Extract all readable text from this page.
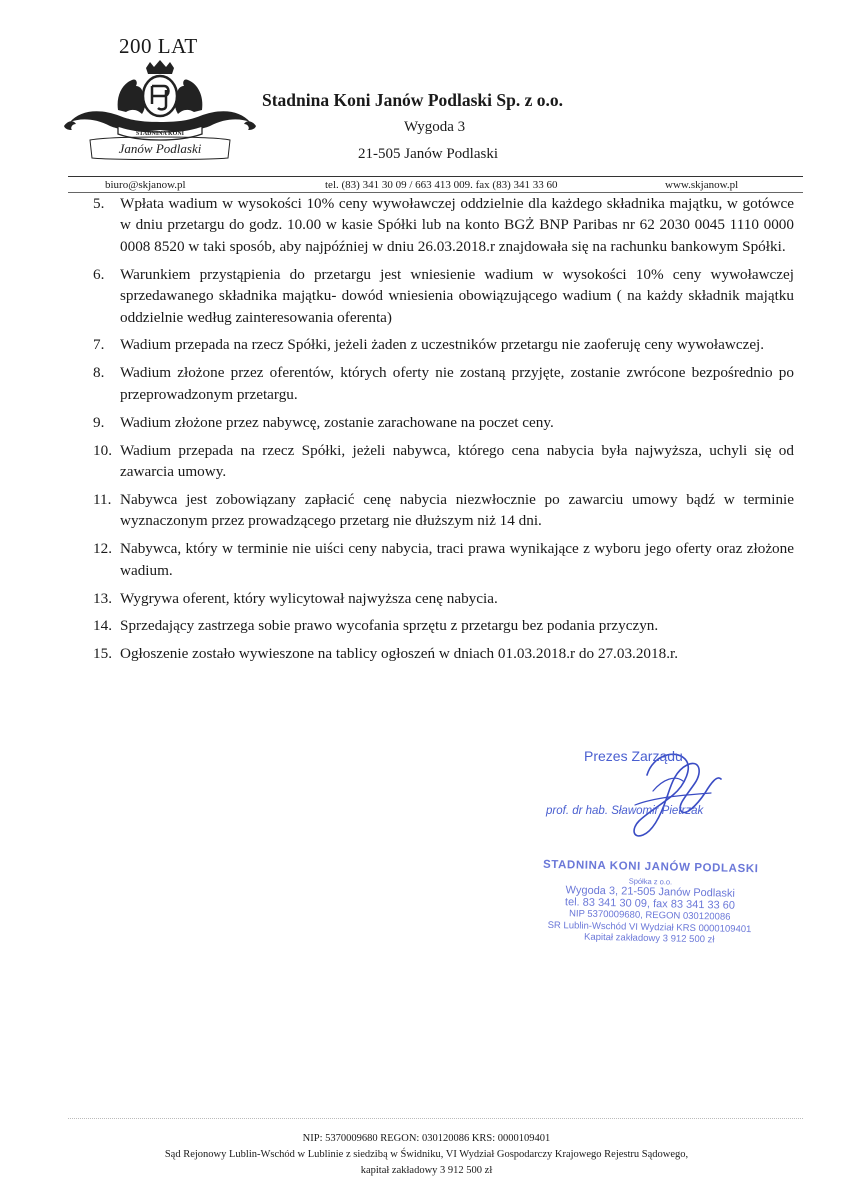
200 LAT
STADNINA KONI
Janów Podlaski
Stadnina Koni Janów Podlaski Sp. z o.o.
Wygoda 3
21-505 Janów Podlaski
biuro@skjanow.pl	tel. (83) 341 30 09 / 663 413 009. fax (83) 341 33 60	www.skjanow.pl
5.	Wpłata wadium w wysokości 10% ceny wywoławczej oddzielnie dla każdego składnika majątku, w gotówce w dniu przetargu do godz. 10.00 w kasie Spółki lub na konto BGŻ BNP Paribas nr 62 2030 0045 1110 0000 0008 8520 w taki sposób, aby najpóźniej w dniu 26.03.2018.r znajdowała się na rachunku bankowym Spółki.
6.	Warunkiem przystąpienia do przetargu jest wniesienie wadium w wysokości 10% ceny wywoławczej sprzedawanego składnika majątku- dowód wniesienia obowiązującego wadium ( na każdy składnik majątku oddzielnie według zainteresowania oferenta)
7.	Wadium przepada na rzecz Spółki, jeżeli żaden z uczestników przetargu nie zaoferuję ceny wywoławczej.
8.	Wadium złożone przez oferentów, których oferty nie zostaną przyjęte, zostanie zwrócone bezpośrednio po przeprowadzonym przetargu.
9.	Wadium złożone przez nabywcę, zostanie zarachowane na poczet ceny.
10. Wadium przepada na rzecz Spółki, jeżeli nabywca, którego cena nabycia była najwyższa, uchyli się od zawarcia umowy.
11. Nabywca jest zobowiązany zapłacić cenę nabycia niezwłocznie po zawarciu umowy bądź w terminie wyznaczonym przez prowadzącego przetarg nie dłuższym niż 14 dni.
12. Nabywca, który w terminie nie uiści ceny nabycia, traci prawa wynikające z wyboru jego oferty oraz złożone wadium.
13. Wygrywa oferent, który wylicytował najwyższa cenę nabycia.
14. Sprzedający zastrzega sobie prawo wycofania sprzętu z przetargu bez podania przyczyn.
15. Ogłoszenie zostało wywieszone na tablicy ogłoszeń w dniach 01.03.2018.r do 27.03.2018.r.
Prezes Zarządu
prof. dr hab. Sławomir Pietrzak
STADNINA KONI JANÓW PODLASKI
Spółka z o.o.
Wygoda 3, 21-505 Janów Podlaski
tel. 83 341 30 09, fax 83 341 33 60
NIP 5370009680, REGON 030120086
SR Lublin-Wschód VI Wydział KRS 0000109401
Kapitał zakładowy 3 912 500 zł
NIP: 5370009680 REGON: 030120086 KRS: 0000109401
Sąd Rejonowy Lublin-Wschód w Lublinie z siedzibą w Świdniku, VI Wydział Gospodarczy Krajowego Rejestru Sądowego,
kapitał zakładowy 3 912 500 zł
